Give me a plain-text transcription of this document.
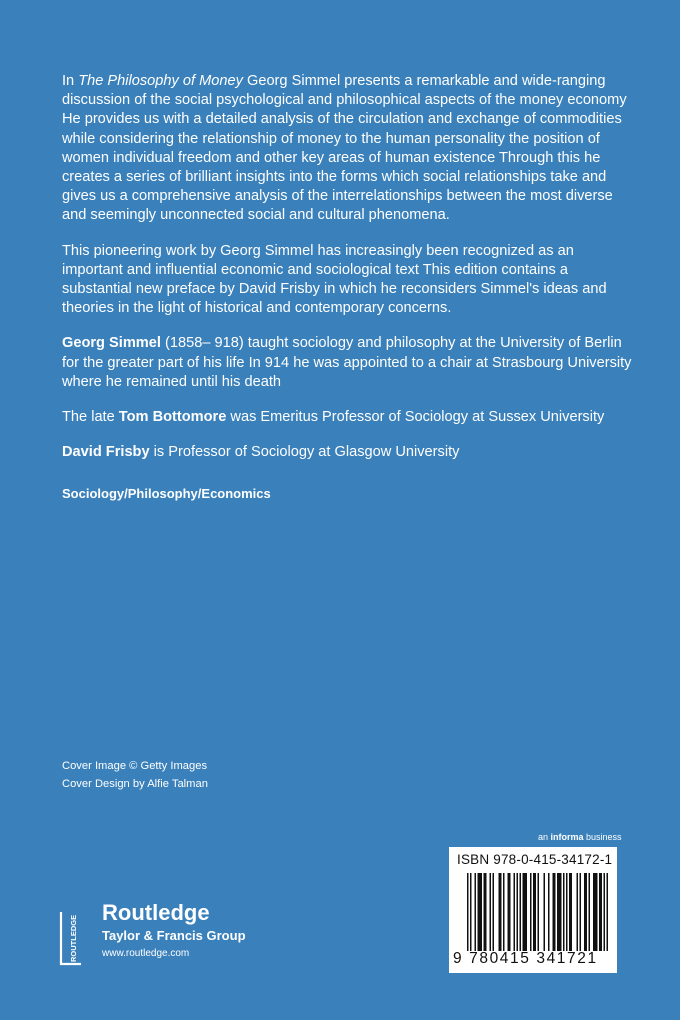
In The Philosophy of Money Georg Simmel presents a remarkable and wide-ranging discussion of the social psychological and philosophical aspects of the money economy He provides us with a detailed analysis of the circulation and exchange of commodities while considering the relationship of money to the human personality the position of women individual freedom and other key areas of human existence Through this he creates a series of brilliant insights into the forms which social relationships take and gives us a comprehensive analysis of the interrelationships between the most diverse and seemingly unconnected social and cultural phenomena.

This pioneering work by Georg Simmel has increasingly been recognized as an important and influential economic and sociological text This edition contains a substantial new preface by David Frisby in which he reconsiders Simmel's ideas and theories in the light of historical and contemporary concerns.

Georg Simmel (1858– 918) taught sociology and philosophy at the University of Berlin for the greater part of his life In 914 he was appointed to a chair at Strasbourg University where he remained until his death

The late Tom Bottomore was Emeritus Professor of Sociology at Sussex University

David Frisby is Professor of Sociology at Glasgow University

Sociology/Philosophy/Economics
Cover Image © Getty Images
Cover Design by Alfie Talman
an informa business
ISBN 978-0-415-34172-1
9 780415 341721
ROUTLEDGE
Routledge
Taylor & Francis Group
www.routledge.com
